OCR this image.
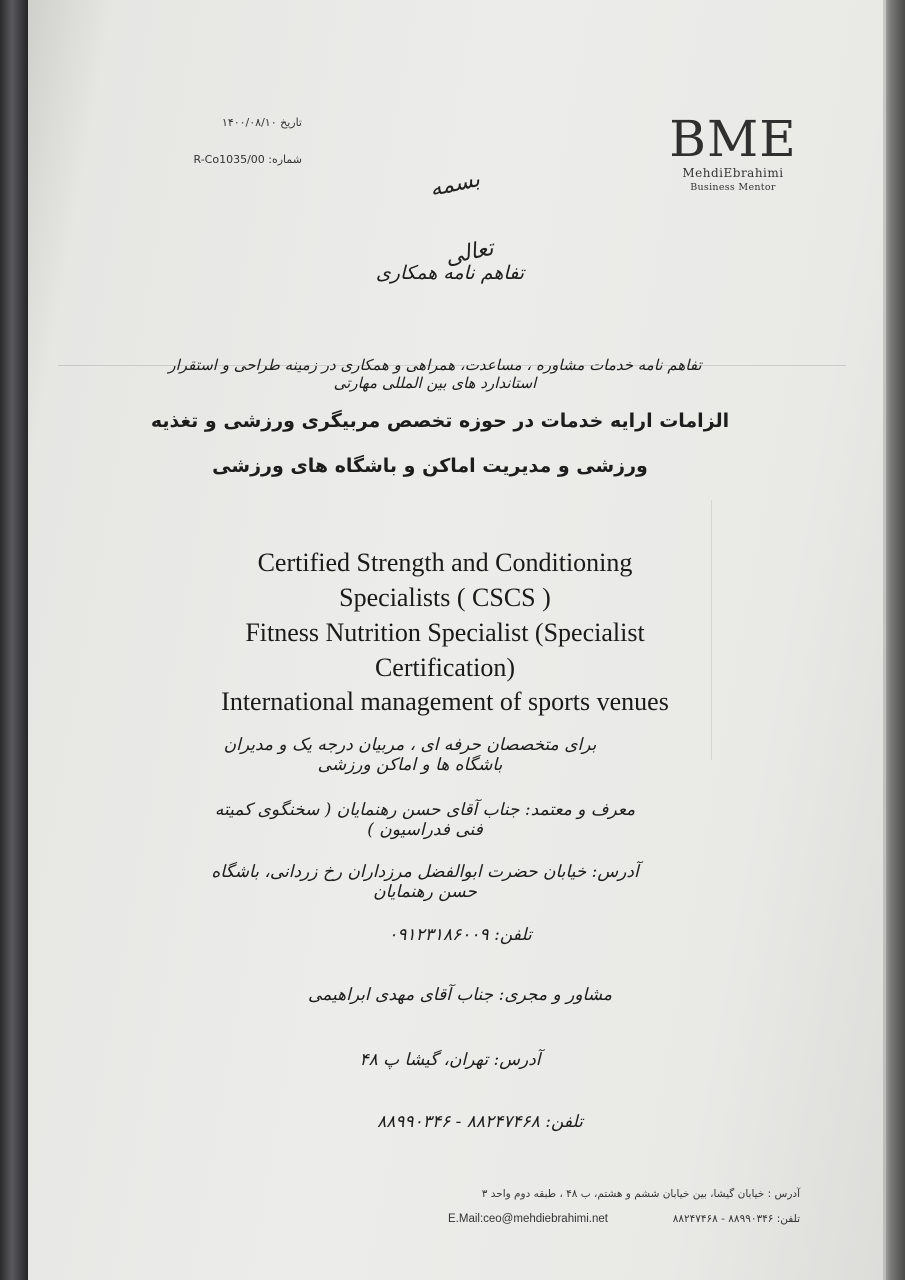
BME
MehdiEbrahimi
Business Mentor
تاریخ ۱۴۰۰/۰۸/۱۰
شماره: R-Co1035/00
بسمه تعالی
تفاهم نامه همکاری
تفاهم نامه خدمات مشاوره ، مساعدت، همراهی و همکاری در زمینه طراحی و استقرار استاندارد های بین المللی مهارتی
الزامات ارایه خدمات در حوزه تخصص مربیگری ورزشی و تغذیه
ورزشی و مدیریت اماکن و باشگاه های ورزشی
Certified Strength and Conditioning
Specialists ( CSCS )
Fitness Nutrition Specialist (Specialist
Certification)
International management of sports venues
برای متخصصان حرفه ای ، مربیان درجه یک و مدیران باشگاه ها و اماکن ورزشی
معرف و معتمد: جناب آقای حسن رهنمایان ( سخنگوی کمیته فنی فدراسیون )
آدرس: خیابان حضرت ابوالفضل مرزداران رخ زردانی، باشگاه حسن رهنمایان
تلفن: ۰۹۱۲۳۱۸۶۰۰۹
مشاور و مجری: جناب آقای مهدی ابراهیمی
آدرس: تهران، گیشا پ ۴۸
تلفن: ۸۸۲۴۷۴۶۸ - ۸۸۹۹۰۳۴۶
آدرس : خیابان گیشا، بین خیابان ششم و هشتم، ب ۴۸ ، طبقه دوم واحد ۳
E.Mail:ceo@mehdiebrahimi.net	تلفن: ۸۸۹۹۰۳۴۶ - ۸۸۲۴۷۴۶۸
